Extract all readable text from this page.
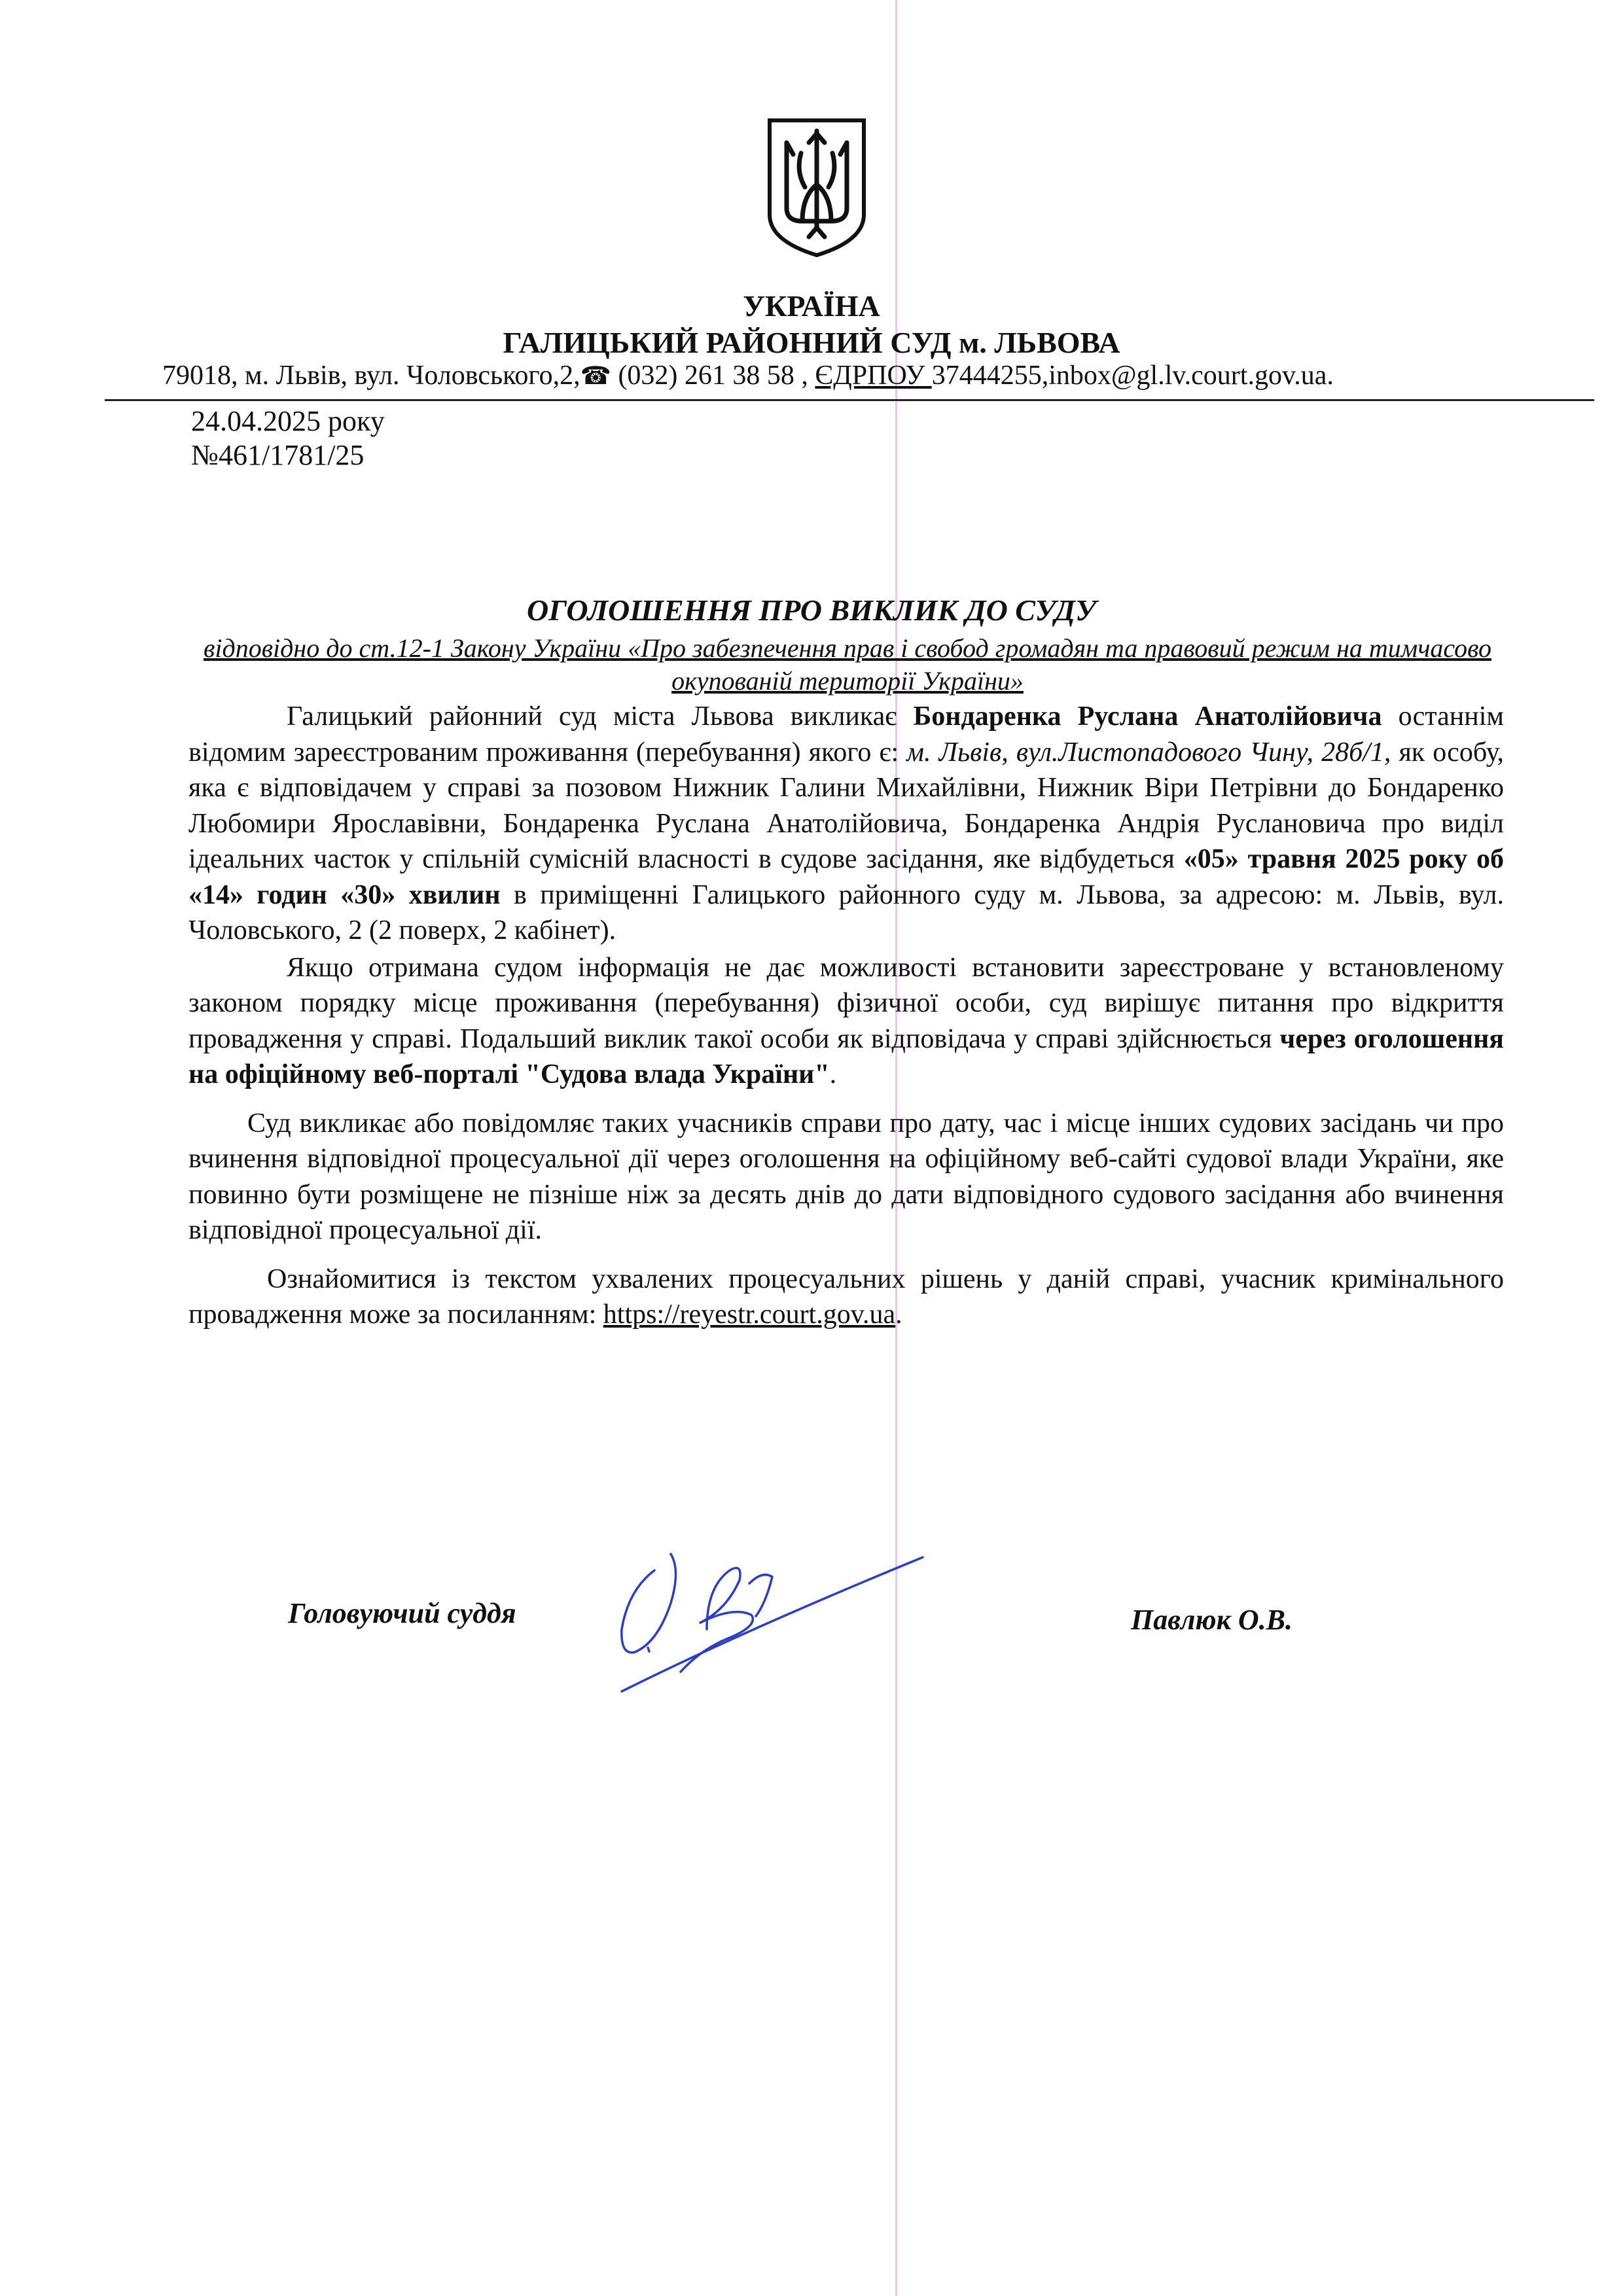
УКРАЇНА
ГАЛИЦЬКИЙ РАЙОННИЙ СУД м. ЛЬВОВА
79018, м. Львів, вул. Чоловського,2,☎ (032) 261 38 58 , ЄДРПОУ 37444255,inbox@gl.lv.court.gov.ua.
24.04.2025 року
№461/1781/25
ОГОЛОШЕННЯ ПРО ВИКЛИК ДО СУДУ
відповідно до ст.12-1 Закону України «Про забезпечення прав і свобод громадян та правовий режим на тимчасово окупованій території України»

Галицький районний суд міста Львова викликає Бондаренка Руслана Анатолійовича останнім відомим зареєстрованим проживання (перебування) якого є: м. Львів, вул.Листопадового Чину, 28б/1, як особу, яка є відповідачем у справі за позовом Нижник Галини Михайлівни, Нижник Віри Петрівни до Бондаренко Любомири Ярославівни, Бондаренка Руслана Анатолійовича, Бондаренка Андрія Руслановича про виділ ідеальних часток у спільній сумісній власності в судове засідання, яке відбудеться «05» травня 2025 року об «14» годин «30» хвилин в приміщенні Галицького районного суду м. Львова, за адресою: м. Львів, вул. Чоловського, 2 (2 поверх, 2 кабінет).

Якщо отримана судом інформація не дає можливості встановити зареєстроване у встановленому законом порядку місце проживання (перебування) фізичної особи, суд вирішує питання про відкриття провадження у справі. Подальший виклик такої особи як відповідача у справі здійснюється через оголошення на офіційному веб-порталі "Судова влада України".

Суд викликає або повідомляє таких учасників справи про дату, час і місце інших судових засідань чи про вчинення відповідної процесуальної дії через оголошення на офіційному веб-сайті судової влади України, яке повинно бути розміщене не пізніше ніж за десять днів до дати відповідного судового засідання або вчинення відповідної процесуальної дії.

Ознайомитися із текстом ухвалених процесуальних рішень у даній справі, учасник кримінального провадження може за посиланням: https://reyestr.court.gov.ua.

Головуючий суддя	Павлюк О.В.
